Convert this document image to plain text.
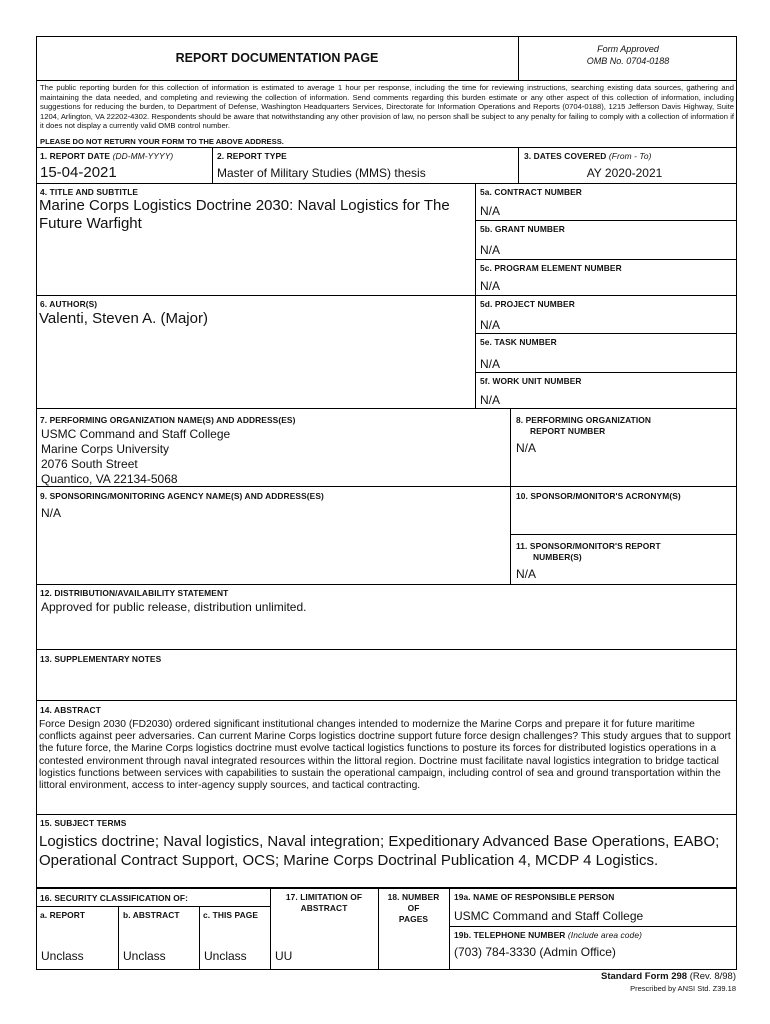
REPORT DOCUMENTATION PAGE
Form Approved
OMB No. 0704-0188
The public reporting burden for this collection of information is estimated to average 1 hour per response, including the time for reviewing instructions, searching existing data sources, gathering and maintaining the data needed, and completing and reviewing the collection of information. Send comments regarding this burden estimate or any other aspect of this collection of information, including suggestions for reducing the burden, to Department of Defense, Washington Headquarters Services, Directorate for Information Operations and Reports (0704-0188), 1215 Jefferson Davis Highway, Suite 1204, Arlington, VA 22202-4302. Respondents should be aware that notwithstanding any other provision of law, no person shall be subject to any penalty for failing to comply with a collection of information if it does not display a currently valid OMB control number.
PLEASE DO NOT RETURN YOUR FORM TO THE ABOVE ADDRESS.
1. REPORT DATE (DD-MM-YYYY)
15-04-2021
2. REPORT TYPE
Master of Military Studies (MMS) thesis
3. DATES COVERED (From - To)
AY 2020-2021
4. TITLE AND SUBTITLE
Marine Corps Logistics Doctrine 2030: Naval Logistics for The Future Warfight
6. AUTHOR(S)
Valenti, Steven A. (Major)
5a. CONTRACT NUMBER
N/A
5b. GRANT NUMBER
N/A
5c. PROGRAM ELEMENT NUMBER
N/A
5d. PROJECT NUMBER
N/A
5e. TASK NUMBER
N/A
5f. WORK UNIT NUMBER
N/A
7. PERFORMING ORGANIZATION NAME(S) AND ADDRESS(ES)
USMC Command and Staff College
Marine Corps University
2076 South Street
Quantico, VA 22134-5068
8. PERFORMING ORGANIZATION
REPORT NUMBER
N/A
9. SPONSORING/MONITORING AGENCY NAME(S) AND ADDRESS(ES)
N/A
10. SPONSOR/MONITOR'S ACRONYM(S)
11. SPONSOR/MONITOR'S REPORT
NUMBER(S)
N/A
12. DISTRIBUTION/AVAILABILITY STATEMENT
Approved for public release, distribution unlimited.
13. SUPPLEMENTARY NOTES
14. ABSTRACT
Force Design 2030 (FD2030) ordered significant institutional changes intended to modernize the Marine Corps and prepare it for future maritime conflicts against peer adversaries. Can current Marine Corps logistics doctrine support future force design challenges? This study argues that to support the future force, the Marine Corps logistics doctrine must evolve tactical logistics functions to posture its forces for distributed logistics operations in a contested environment through naval integrated resources within the littoral region. Doctrine must facilitate naval logistics integration to bridge tactical logistics functions between services with capabilities to sustain the operational campaign, including control of sea and ground transportation within the littoral environment, access to inter-agency supply sources, and tactical contracting.
15. SUBJECT TERMS
Logistics doctrine; Naval logistics, Naval integration; Expeditionary Advanced Base Operations, EABO; Operational Contract Support, OCS; Marine Corps Doctrinal Publication 4, MCDP 4 Logistics.
16. SECURITY CLASSIFICATION OF:
a. REPORT	b. ABSTRACT	c. THIS PAGE
Unclass	Unclass	Unclass
17. LIMITATION OF
ABSTRACT
UU
18. NUMBER
OF
PAGES
19a. NAME OF RESPONSIBLE PERSON
USMC Command and Staff College
19b. TELEPHONE NUMBER (Include area code)
(703) 784-3330 (Admin Office)
Standard Form 298 (Rev. 8/98)
Prescribed by ANSI Std. Z39.18
